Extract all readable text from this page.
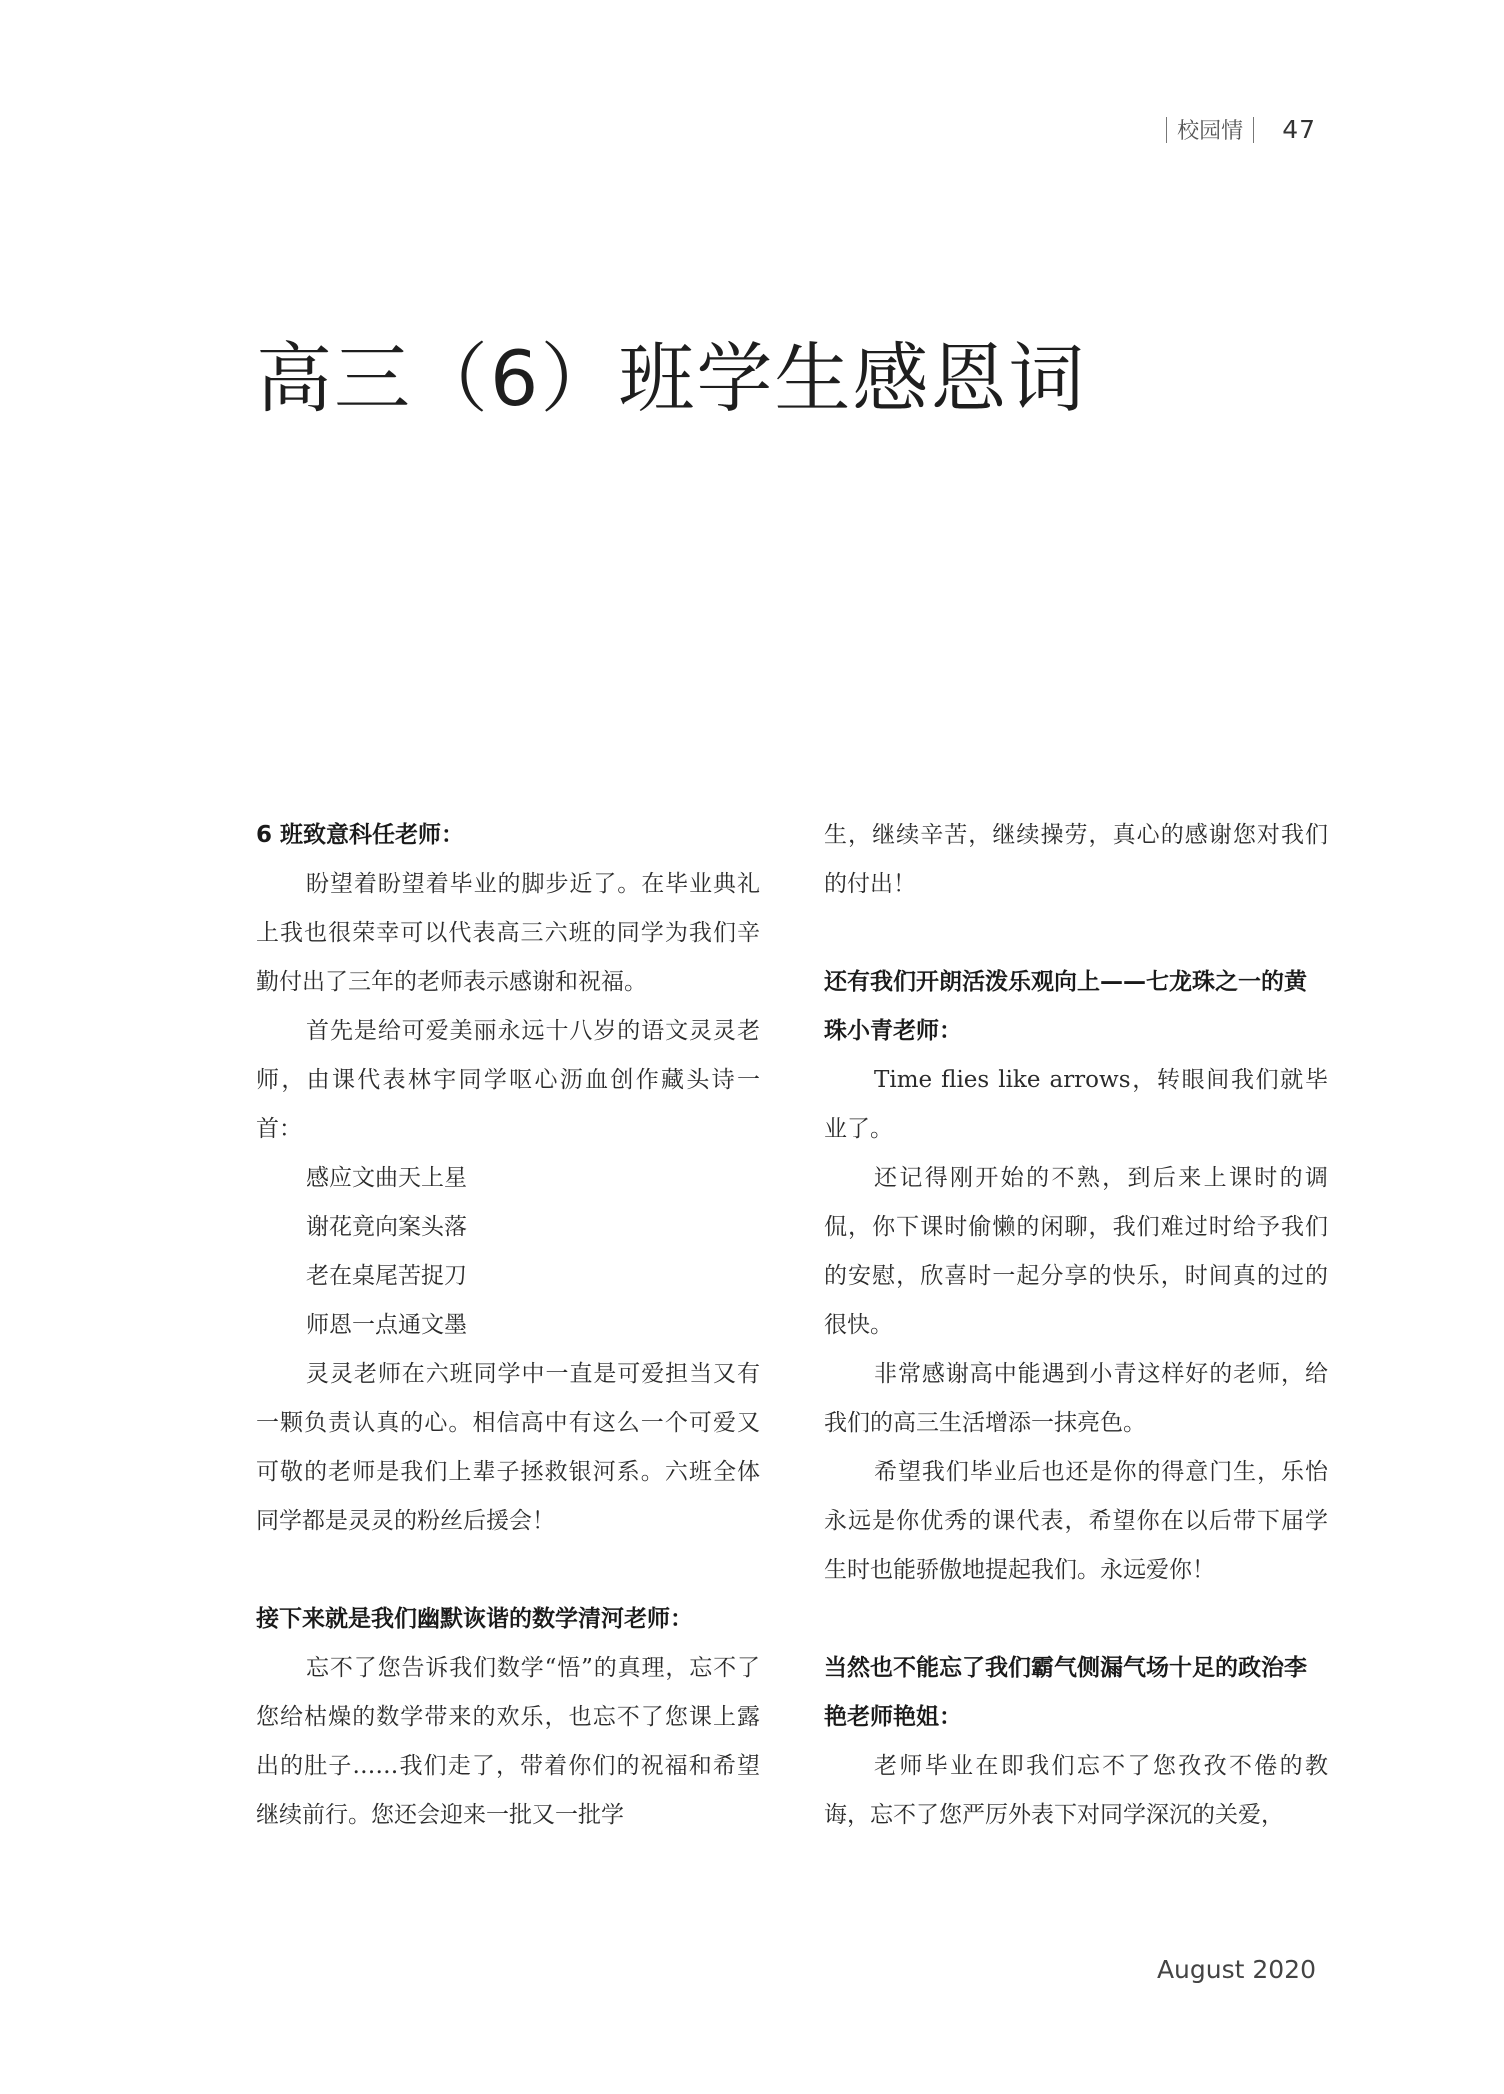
校园情 47
高三（6）班学生感恩词
6 班致意科任老师：

盼望着盼望着毕业的脚步近了。在毕业典礼上我也很荣幸可以代表高三六班的同学为我们辛勤付出了三年的老师表示感谢和祝福。

首先是给可爱美丽永远十八岁的语文灵灵老师，由课代表林宇同学呕心沥血创作藏头诗一首：

感应文曲天上星

谢花竟向案头落

老在桌尾苦捉刀

师恩一点通文墨

灵灵老师在六班同学中一直是可爱担当又有一颗负责认真的心。相信高中有这么一个可爱又可敬的老师是我们上辈子拯救银河系。六班全体同学都是灵灵的粉丝后援会！

接下来就是我们幽默诙谐的数学清河老师：

忘不了您告诉我们数学“悟”的真理，忘不了您给枯燥的数学带来的欢乐，也忘不了您课上露出的肚子……我们走了，带着你们的祝福和希望继续前行。您还会迎来一批又一批学

生，继续辛苦，继续操劳，真心的感谢您对我们的付出！

还有我们开朗活泼乐观向上——七龙珠之一的黄珠小青老师：

Time flies like arrows，转眼间我们就毕业了。

还记得刚开始的不熟，到后来上课时的调侃，你下课时偷懒的闲聊，我们难过时给予我们的安慰，欣喜时一起分享的快乐，时间真的过的很快。

非常感谢高中能遇到小青这样好的老师，给我们的高三生活增添一抹亮色。

希望我们毕业后也还是你的得意门生，乐怡永远是你优秀的课代表，希望你在以后带下届学生时也能骄傲地提起我们。永远爱你！

当然也不能忘了我们霸气侧漏气场十足的政治李艳老师艳姐：

老师毕业在即我们忘不了您孜孜不倦的教诲，忘不了您严厉外表下对同学深沉的关爱，

August 2020
